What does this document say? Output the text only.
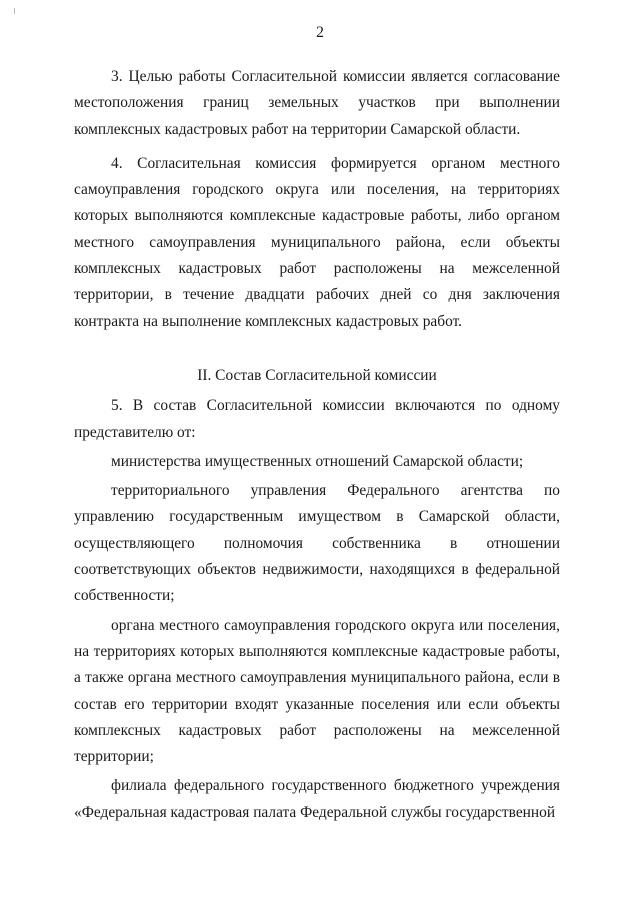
2

3. Целью работы Согласительной комиссии является согласование местоположения границ земельных участков при выполнении комплексных кадастровых работ на территории Самарской области.

4. Согласительная комиссия формируется органом местного самоуправления городского округа или поселения, на территориях которых выполняются комплексные кадастровые работы, либо органом местного самоуправления муниципального района, если объекты комплексных кадастровых работ расположены на межселенной территории, в течение двадцати рабочих дней со дня заключения контракта на выполнение комплексных кадастровых работ.

II. Состав Согласительной комиссии

5. В состав Согласительной комиссии включаются по одному представителю от:

министерства имущественных отношений Самарской области;

территориального управления Федерального агентства по управлению государственным имуществом в Самарской области, осуществляющего полномочия собственника в отношении соответствующих объектов недвижимости, находящихся в федеральной собственности;

органа местного самоуправления городского округа или поселения, на территориях которых выполняются комплексные кадастровые работы, а также органа местного самоуправления муниципального района, если в состав его территории входят указанные поселения или если объекты комплексных кадастровых работ расположены на межселенной территории;

филиала федерального государственного бюджетного учреждения «Федеральная кадастровая палата Федеральной службы государственной
